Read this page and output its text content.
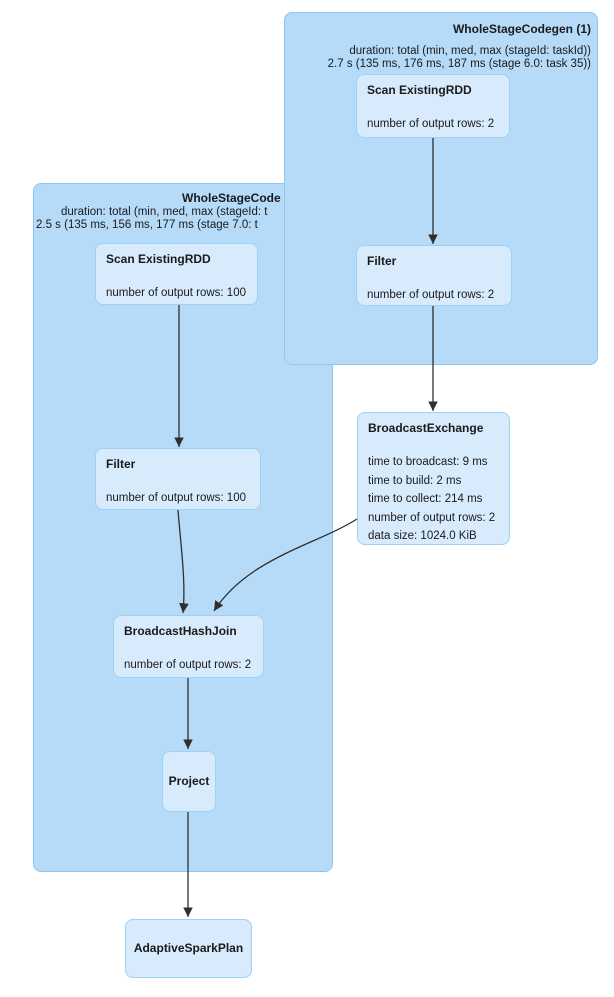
WholeStageCode
duration: total (min, med, max (stageId: t
2.5 s (135 ms, 156 ms, 177 ms (stage 7.0: t
WholeStageCodegen (1)
duration: total (min, med, max (stageId: taskId))
2.7 s (135 ms, 176 ms, 187 ms (stage 6.0: task 35))
Scan ExistingRDD
number of output rows: 2
Filter
number of output rows: 2
BroadcastExchange
time to broadcast: 9 ms
time to build: 2 ms
time to collect: 214 ms
number of output rows: 2
data size: 1024.0 KiB
Scan ExistingRDD
number of output rows: 100
Filter
number of output rows: 100
BroadcastHashJoin
number of output rows: 2
Project
AdaptiveSparkPlan
